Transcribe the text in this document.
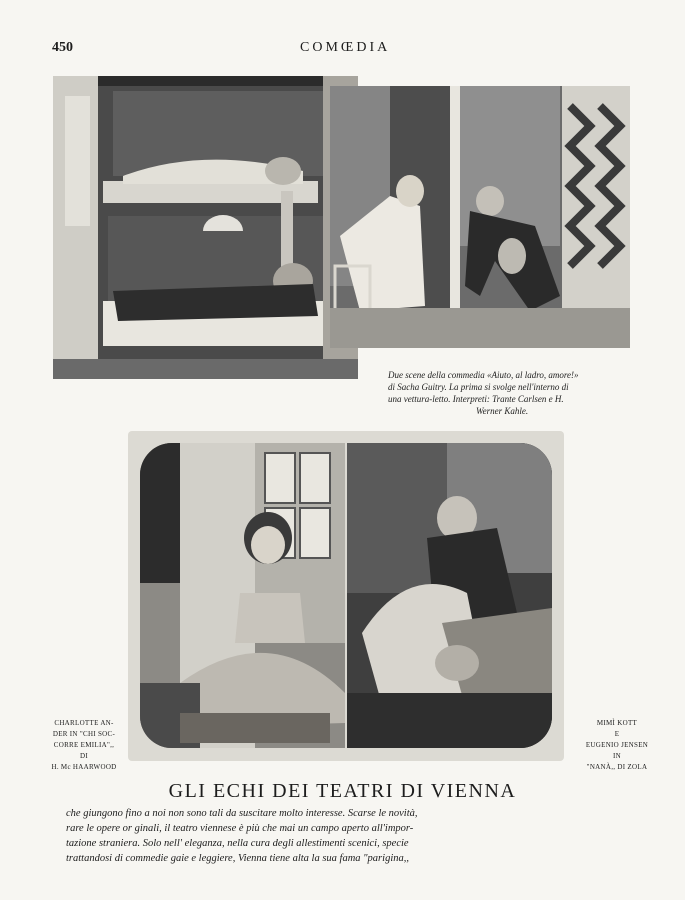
450	COMŒDIA
Due scene della commedia «Aiuto, al ladro, amore!»
di Sacha Guitry. La prima si svolge nell'interno di
una vettura-letto. Interpreti: Trante Carlsen e H.
Werner Kahle.
CHARLOTTE AN-
DER IN "CHI SOC-
CORRE EMILIA",,
DI
H. Mc HAARWOOD
MIMÌ KOTT
E
EUGENIO JENSEN
IN
"NANÀ,, DI ZOLA
GLI ECHI DEI TEATRI DI VIENNA
che giungono fino a noi non sono tali da suscitare molto interesse. Scarse le novità,
rare le opere or ginali, il teatro viennese è più che mai un campo aperto all'impor-
tazione straniera. Solo nell' eleganza, nella cura degli allestimenti scenici, specie
trattandosi di commedie gaie e leggiere, Vienna tiene alta la sua fama "parigina,,
